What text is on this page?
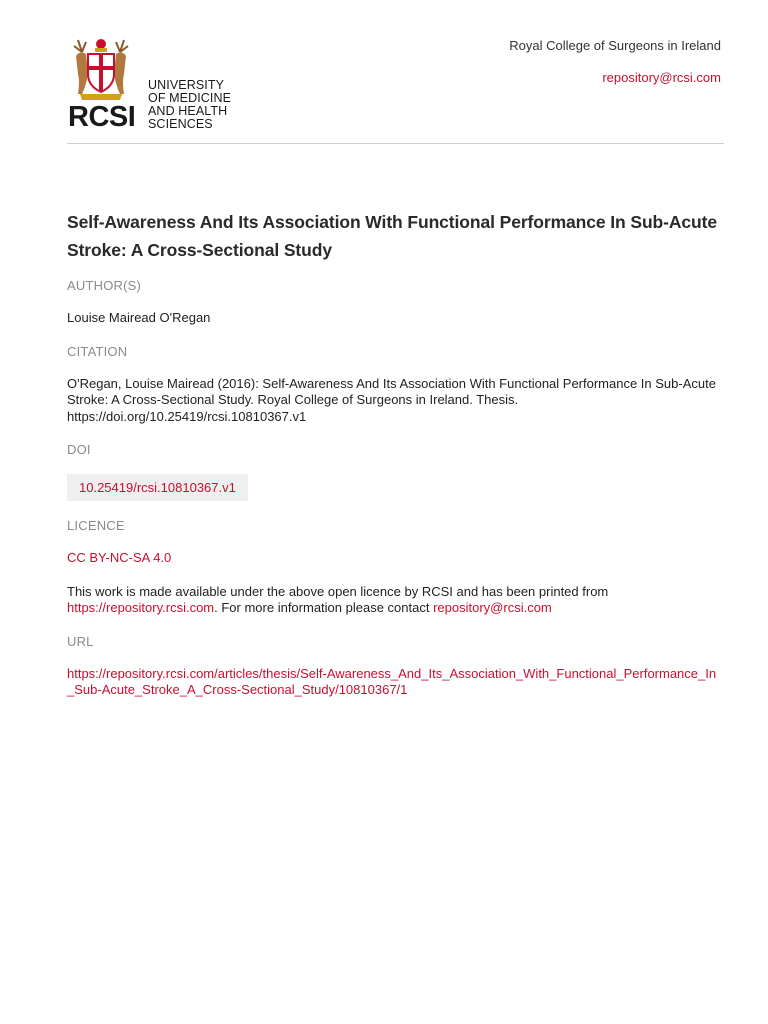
RCSI
UNIVERSITY
OF MEDICINE
AND HEALTH
SCIENCES

Royal College of Surgeons in Ireland

repository@rcsi.com
Self-Awareness And Its Association With Functional Performance In Sub-Acute Stroke: A Cross-Sectional Study

AUTHOR(S)

Louise Mairead O'Regan

CITATION

O'Regan, Louise Mairead (2016): Self-Awareness And Its Association With Functional Performance In Sub-Acute Stroke: A Cross-Sectional Study. Royal College of Surgeons in Ireland. Thesis. https://doi.org/10.25419/rcsi.10810367.v1

DOI

10.25419/rcsi.10810367.v1

LICENCE

CC BY-NC-SA 4.0

This work is made available under the above open licence by RCSI and has been printed from https://repository.rcsi.com. For more information please contact repository@rcsi.com

URL

https://repository.rcsi.com/articles/thesis/Self-Awareness_And_Its_Association_With_Functional_Performance_In_Sub-Acute_Stroke_A_Cross-Sectional_Study/10810367/1
